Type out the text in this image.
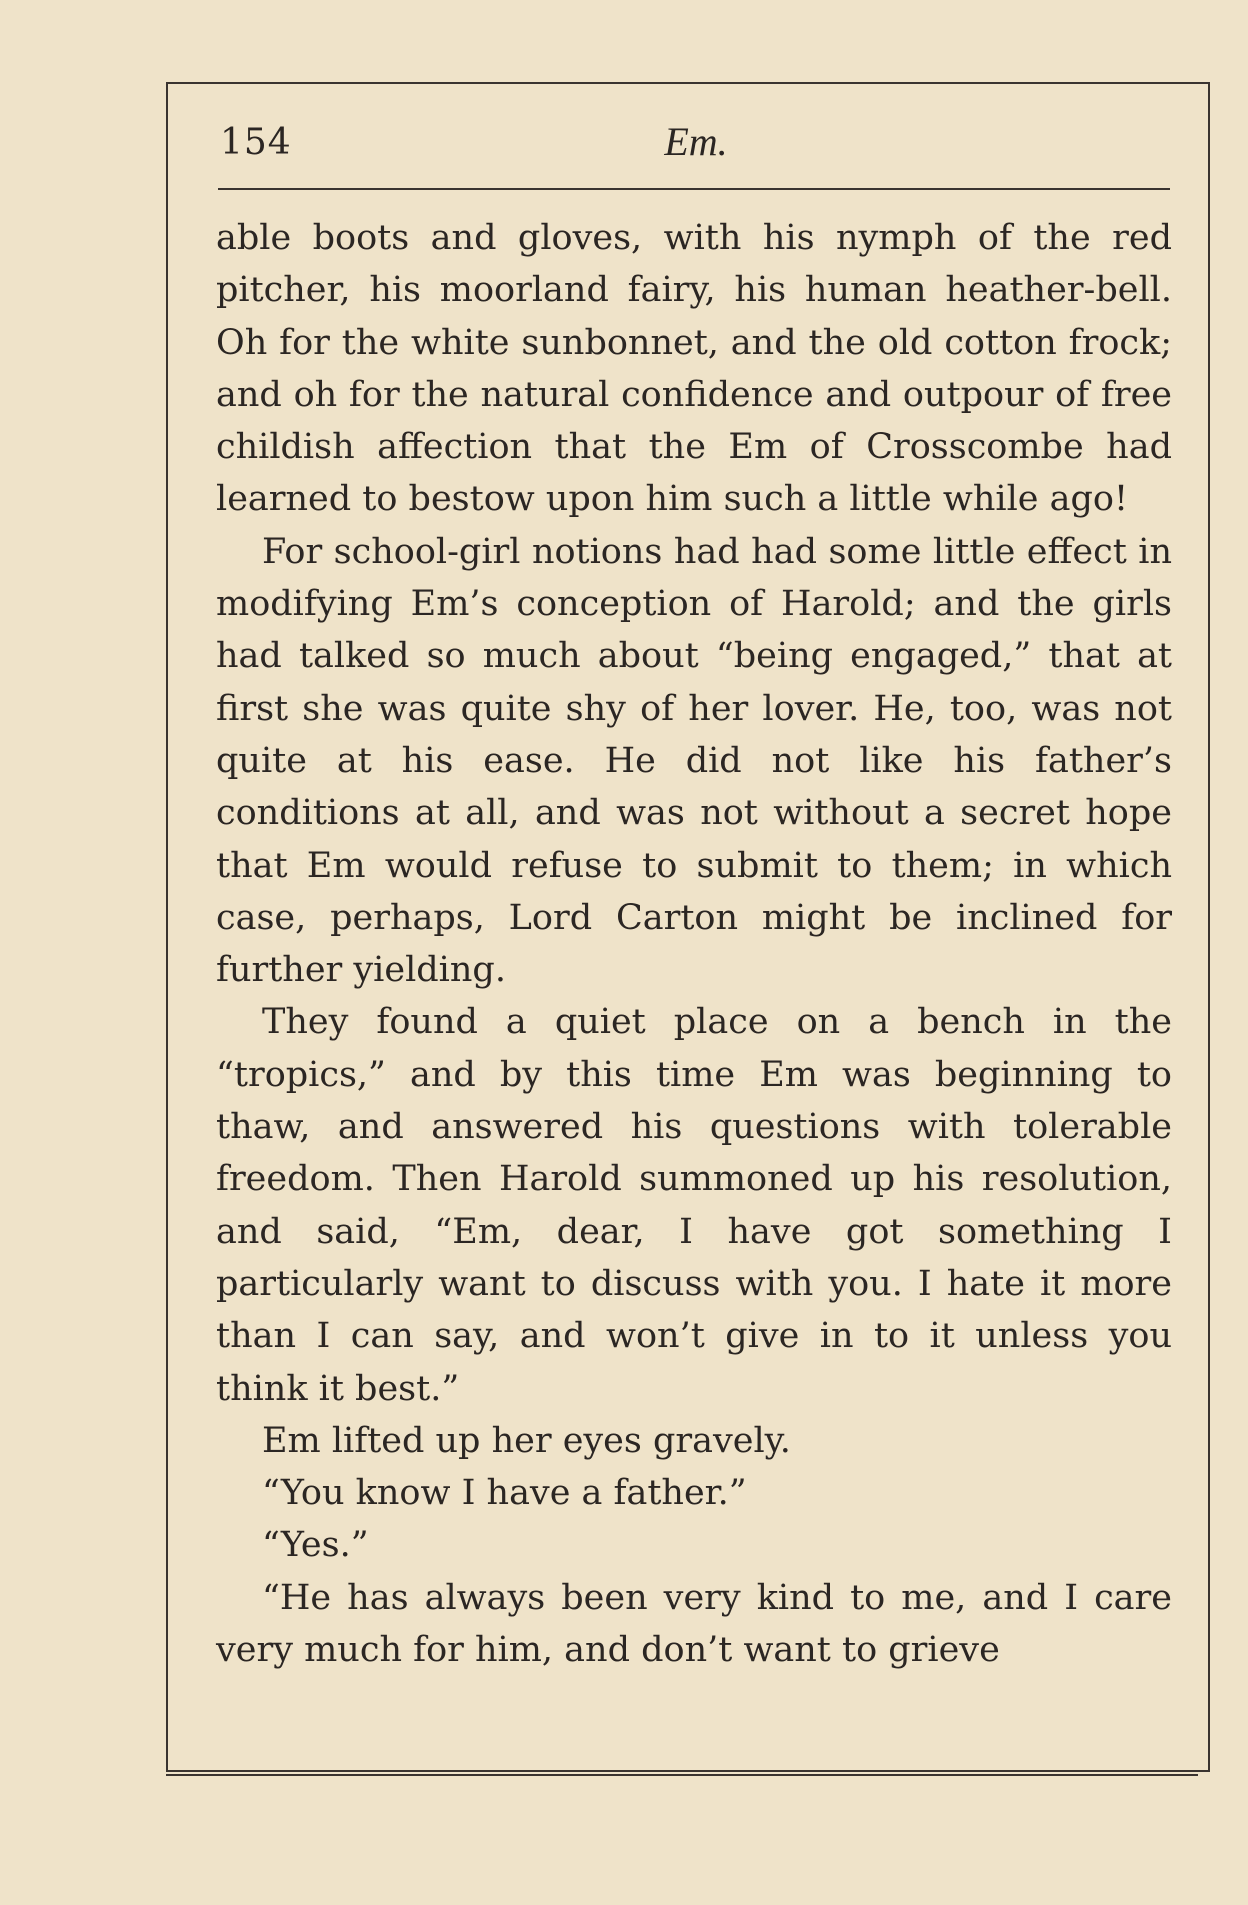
154	Em.

able boots and gloves, with his nymph of the red pitcher, his moorland fairy, his human heather-bell. Oh for the white sunbonnet, and the old cotton frock; and oh for the natural confidence and outpour of free childish affection that the Em of Crosscombe had learned to bestow upon him such a little while ago!

For school-girl notions had had some little effect in modifying Em’s conception of Harold; and the girls had talked so much about “being engaged,” that at first she was quite shy of her lover. He, too, was not quite at his ease. He did not like his father’s conditions at all, and was not without a secret hope that Em would refuse to submit to them; in which case, perhaps, Lord Carton might be inclined for further yielding.

They found a quiet place on a bench in the “tropics,” and by this time Em was beginning to thaw, and answered his questions with tolerable freedom. Then Harold summoned up his resolution, and said, “Em, dear, I have got something I particularly want to discuss with you. I hate it more than I can say, and won’t give in to it unless you think it best.”

Em lifted up her eyes gravely.

“You know I have a father.”

“Yes.”

“He has always been very kind to me, and I care very much for him, and don’t want to grieve
